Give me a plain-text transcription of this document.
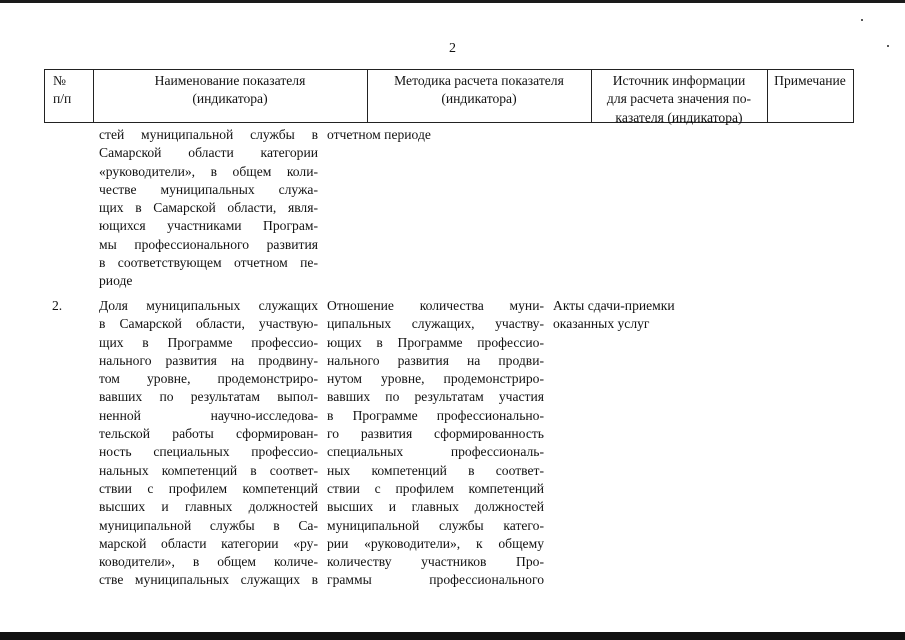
2
№
п/п
Наименование показателя
(индикатора)
Методика расчета показателя
(индикатора)
Источник информации
для расчета значения по-
казателя (индикатора)
Примечание
стей муниципальной службы в
Самарской области категории
«руководители», в общем коли-
честве муниципальных служа-
щих в Самарской области, явля-
ющихся участниками Програм-
мы профессионального развития
в соответствующем отчетном пе-
риоде
отчетном периоде
2.	Доля муниципальных служащих
в Самарской области, участвую-
щих в Программе профессио-
нального развития на продвину-
том уровне, продемонстриро-
вавших по результатам выпол-
ненной научно-исследова-
тельской работы сформирован-
ность специальных профессио-
нальных компетенций в соответ-
ствии с профилем компетенций
высших и главных должностей
муниципальной службы в Са-
марской области категории «ру-
ководители», в общем количе-
стве муниципальных служащих в
Отношение количества муни-
ципальных служащих, участву-
ющих в Программе профессио-
нального развития на продви-
нутом уровне, продемонстриро-
вавших по результатам участия
в Программе профессионально-
го развития сформированность
специальных профессиональ-
ных компетенций в соответ-
ствии с профилем компетенций
высших и главных должностей
муниципальной службы катего-
рии «руководители», к общему
количеству участников Про-
граммы профессионального
Акты сдачи-приемки
оказанных услуг
